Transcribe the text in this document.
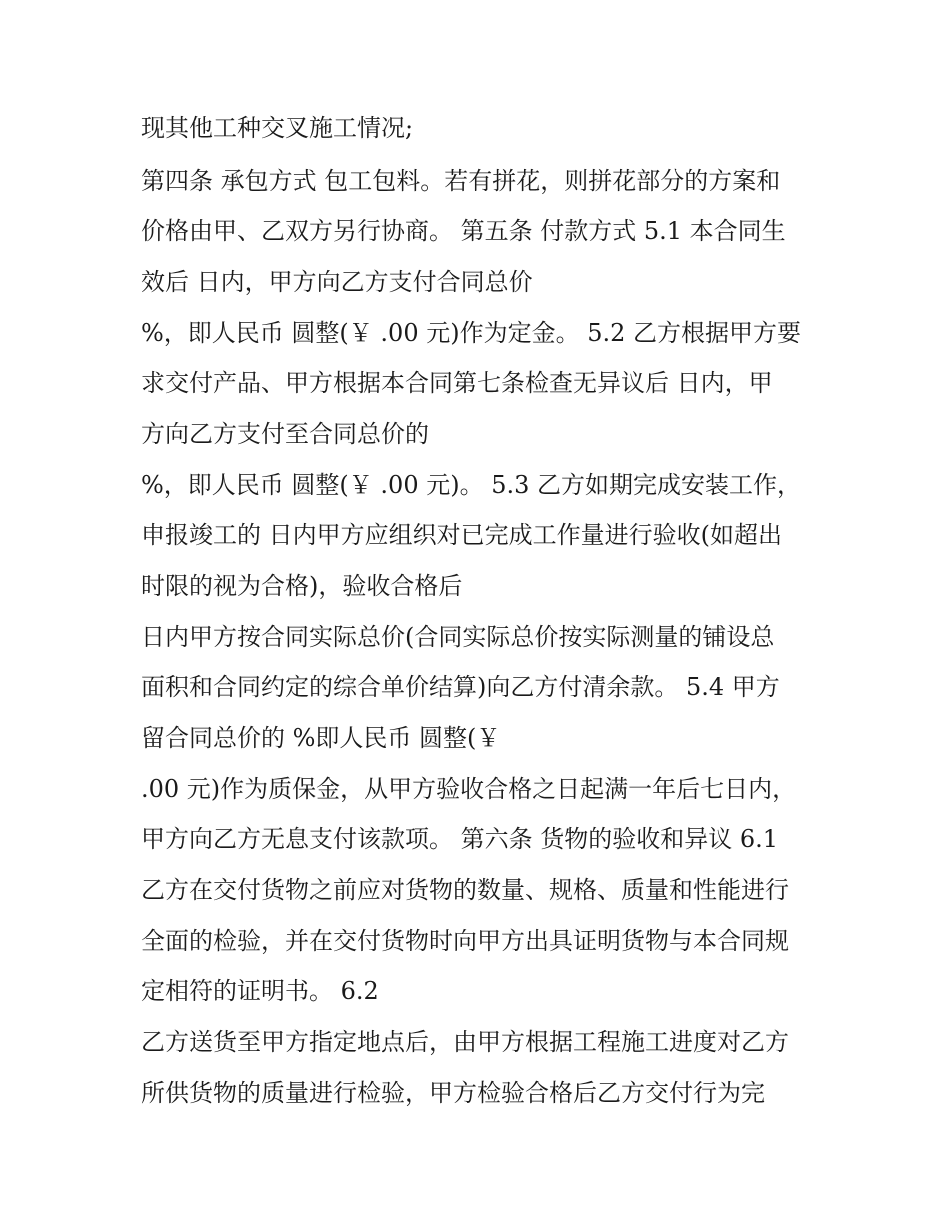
现其他工种交叉施工情况;
第四条 承包方式 包工包料。若有拼花，则拼花部分的方案和
价格由甲、乙双方另行协商。 第五条 付款方式 5.1 本合同生
效后 日内，甲方向乙方支付合同总价
%，即人民币 圆整(￥ .00 元)作为定金。 5.2 乙方根据甲方要
求交付产品、甲方根据本合同第七条检查无异议后 日内，甲
方向乙方支付至合同总价的
%，即人民币 圆整(￥ .00 元)。 5.3 乙方如期完成安装工作，
申报竣工的 日内甲方应组织对已完成工作量进行验收(如超出
时限的视为合格)，验收合格后
日内甲方按合同实际总价(合同实际总价按实际测量的铺设总
面积和合同约定的综合单价结算)向乙方付清余款。 5.4 甲方
留合同总价的 %即人民币 圆整(￥
.00 元)作为质保金，从甲方验收合格之日起满一年后七日内，
甲方向乙方无息支付该款项。 第六条 货物的验收和异议 6.1
乙方在交付货物之前应对货物的数量、规格、质量和性能进行
全面的检验，并在交付货物时向甲方出具证明货物与本合同规
定相符的证明书。 6.2
乙方送货至甲方指定地点后，由甲方根据工程施工进度对乙方
所供货物的质量进行检验，甲方检验合格后乙方交付行为完
